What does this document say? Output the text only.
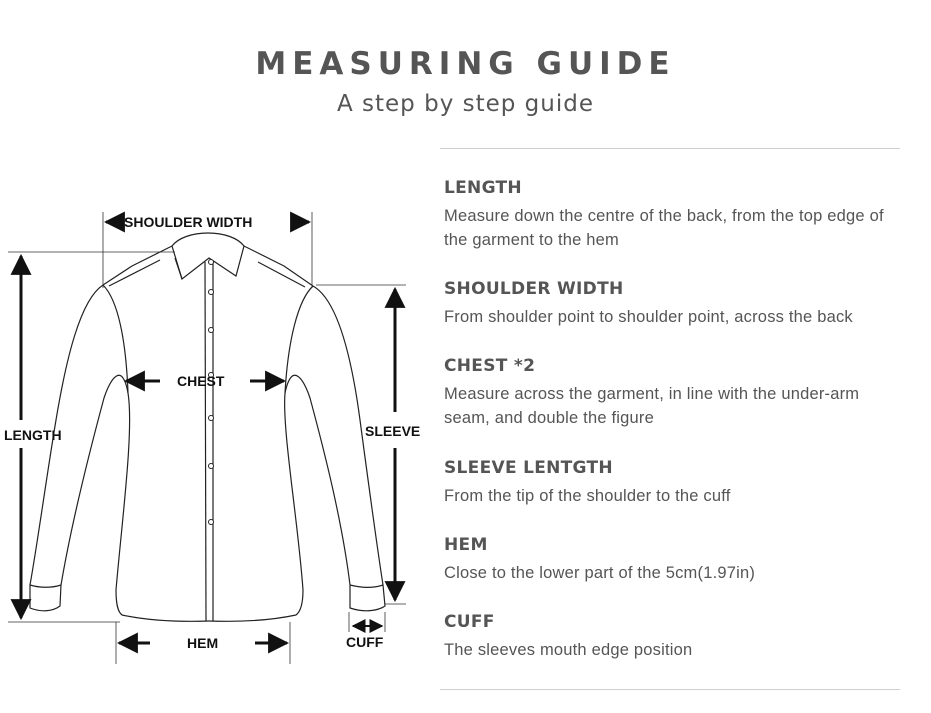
MEASURING GUIDE
A step by step guide
SHOULDER WIDTH
CHEST
LENGTH	SLEEVE
HEM	CUFF
LENGTH
Measure down the centre of the back, from the top edge of the garment to the hem
SHOULDER WIDTH
From shoulder point to shoulder point, across the back
CHEST *2
Measure across the garment, in line with the under-arm seam, and double the figure
SLEEVE LENTGTH
From the tip of the shoulder to the cuff
HEM
Close to the lower part of the 5cm(1.97in)
CUFF
The sleeves mouth edge position
